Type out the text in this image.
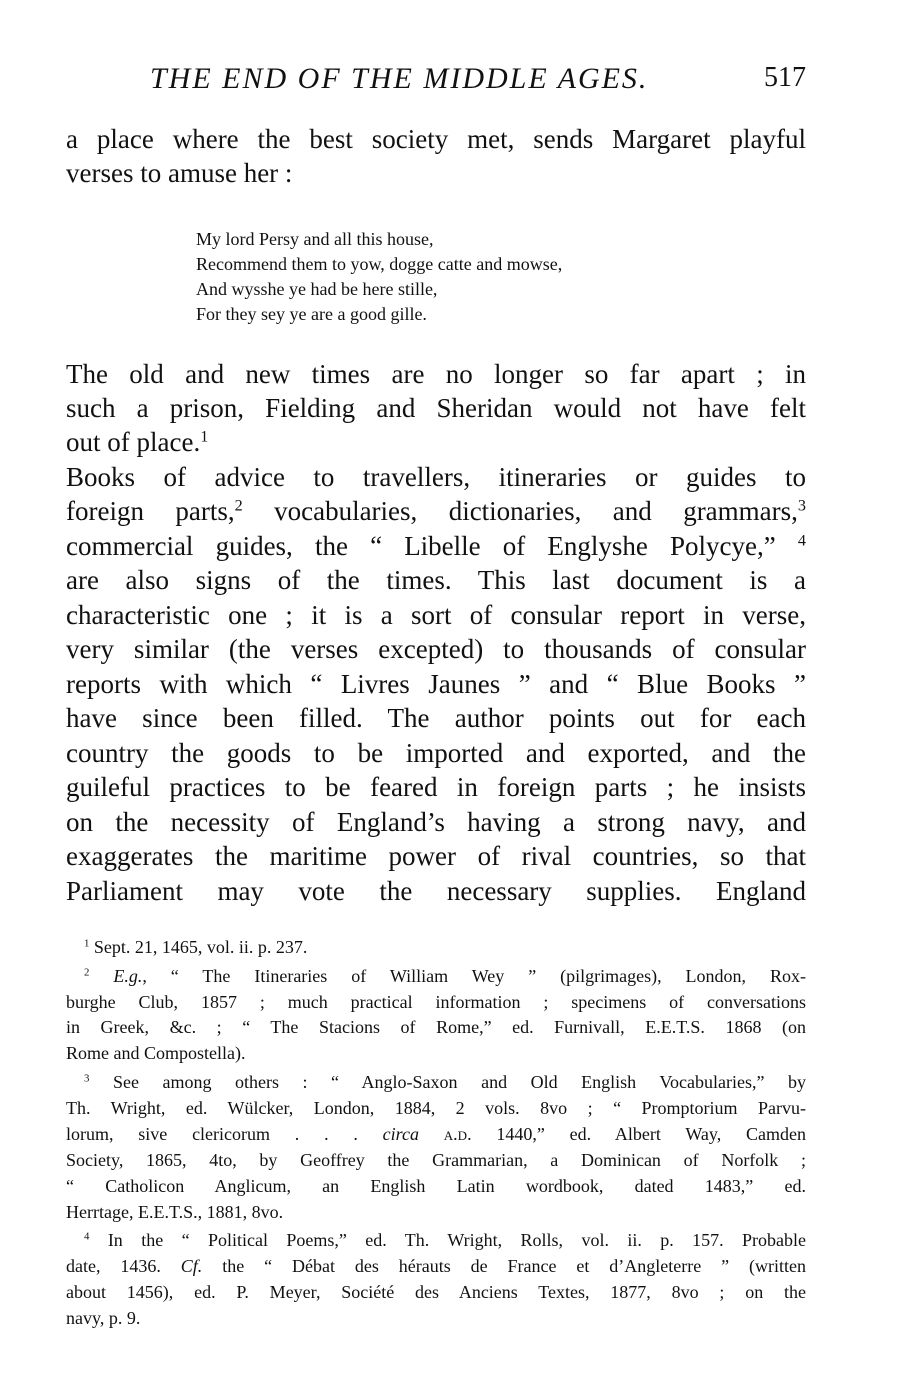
THE END OF THE MIDDLE AGES.	517
a place where the best society met, sends Margaret playful
verses to amuse her :
My lord Persy and all this house,
Recommend them to yow, dogge catte and mowse,
And wysshe ye had be here stille,
For they sey ye are a good gille.
The old and new times are no longer so far apart ; in
such a prison, Fielding and Sheridan would not have felt
out of place.$^1$
Books of advice to travellers, itineraries or guides to
foreign parts,$^2$ vocabularies, dictionaries, and grammars,$^3$
commercial guides, the “ Libelle of Englyshe Polycye,” $^4$
are also signs of the times. This last document is a
characteristic one ; it is a sort of consular report in verse,
very similar (the verses excepted) to thousands of consular
reports with which “ Livres Jaunes ” and “ Blue Books ”
have since been filled. The author points out for each
country the goods to be imported and exported, and the
guileful practices to be feared in foreign parts ; he insists
on the necessity of England’s having a strong navy, and
exaggerates the maritime power of rival countries, so that
Parliament may vote the necessary supplies. England
$^1$ Sept. 21, 1465, vol. ii. p. 237.
$^2$ E.g., “ The Itineraries of William Wey ” (pilgrimages), London, Rox-
burghe Club, 1857 ; much practical information ; specimens of conversations
in Greek, &c. ; “ The Stacions of Rome,” ed. Furnivall, E.E.T.S. 1868 (on
Rome and Compostella).
$^3$ See among others : “ Anglo-Saxon and Old English Vocabularies,” by
Th. Wright, ed. Wülcker, London, 1884, 2 vols. 8vo ; “ Promptorium Parvu-
lorum, sive clericorum . . . circa a.d. 1440,” ed. Albert Way, Camden
Society, 1865, 4to, by Geoffrey the Grammarian, a Dominican of Norfolk ;
“ Catholicon Anglicum, an English Latin wordbook, dated 1483,” ed.
Herrtage, E.E.T.S., 1881, 8vo.
$^4$ In the “ Political Poems,” ed. Th. Wright, Rolls, vol. ii. p. 157. Probable
date, 1436. Cf. the “ Débat des hérauts de France et d’Angleterre ” (written
about 1456), ed. P. Meyer, Société des Anciens Textes, 1877, 8vo ; on the
navy, p. 9.
